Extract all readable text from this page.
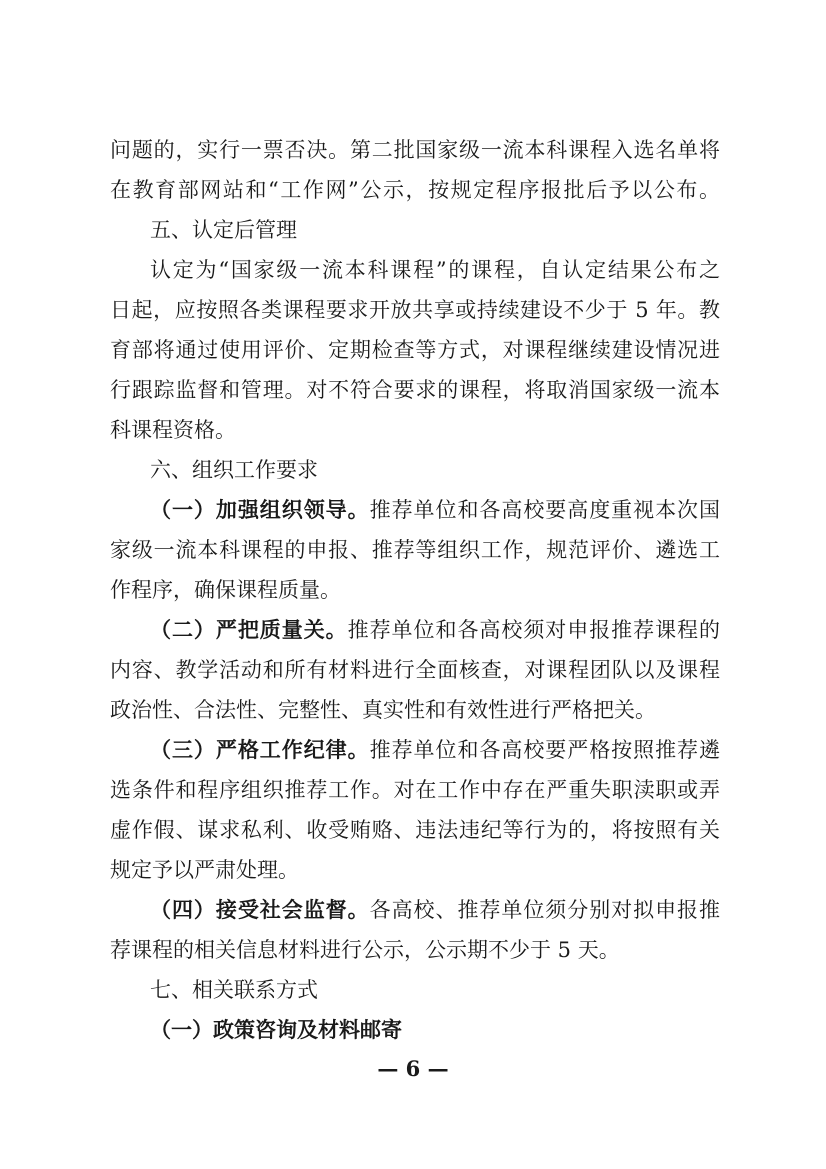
问题的，实行一票否决。第二批国家级一流本科课程入选名单将
在教育部网站和“工作网”公示，按规定程序报批后予以公布。
五、认定后管理
认定为“国家级一流本科课程”的课程，自认定结果公布之
日起，应按照各类课程要求开放共享或持续建设不少于 5 年。教
育部将通过使用评价、定期检查等方式，对课程继续建设情况进
行跟踪监督和管理。对不符合要求的课程，将取消国家级一流本
科课程资格。
六、组织工作要求
（一）加强组织领导。推荐单位和各高校要高度重视本次国
家级一流本科课程的申报、推荐等组织工作，规范评价、遴选工
作程序，确保课程质量。
（二）严把质量关。推荐单位和各高校须对申报推荐课程的
内容、教学活动和所有材料进行全面核查，对课程团队以及课程
政治性、合法性、完整性、真实性和有效性进行严格把关。
（三）严格工作纪律。推荐单位和各高校要严格按照推荐遴
选条件和程序组织推荐工作。对在工作中存在严重失职渎职或弄
虚作假、谋求私利、收受贿赂、违法违纪等行为的，将按照有关
规定予以严肃处理。
（四）接受社会监督。各高校、推荐单位须分别对拟申报推
荐课程的相关信息材料进行公示，公示期不少于 5 天。
七、相关联系方式
（一）政策咨询及材料邮寄
— 6 —
